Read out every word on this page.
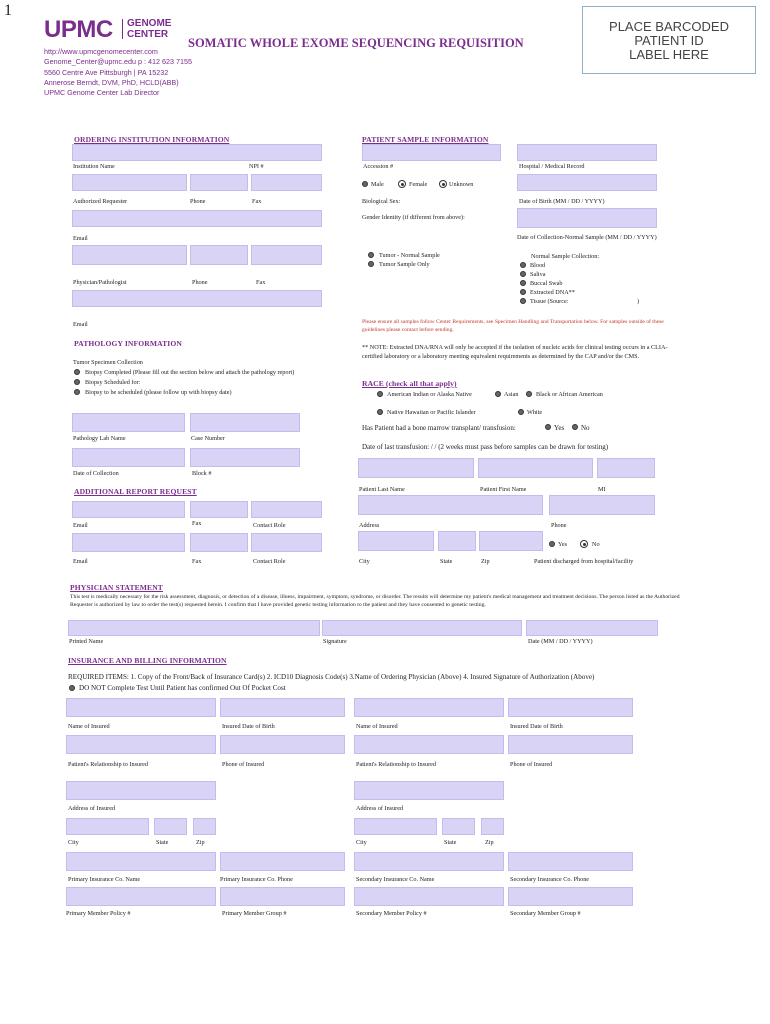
1
UPMC GENOME
CENTER
SOMATIC WHOLE EXOME SEQUENCING REQUISITION
PLACE BARCODED
PATIENT ID
LABEL HERE
http://www.upmcgenomecenter.com
Genome_Center@upmc.edu p : 412 623 7155
5560 Centre Ave Pittsburgh | PA 15232
Annerose Berndt, DVM, PhD, HCLD(ABB)
UPMC Genome Center Lab Director
ORDERING INSTITUTION INFORMATION
Institution Name	NPI #
Authorized Requester	Phone	Fax
Email
Physician/Pathologist	Phone	Fax
Email
PATIENT SAMPLE INFORMATION
Accession #	Hospital / Medical Record
Male	Female	Unknown
Biological Sex:	Date of Birth (MM / DD / YYYY)
Gender Identity (if different from above):
Date of Collection-Normal Sample (MM / DD / YYYY)
Tumor - Normal Sample
Tumor Sample Only
Normal Sample Collection:
Blood
Saliva
Buccal Swab
Extracted DNA**
Tissue (Source:	)
Please ensure all samples follow Center Requirements, see Specimen Handling and Transportation below. For samples outside of these guidelines please contact before sending.
** NOTE: Extracted DNA/RNA will only be accepted if the isolation of nucleic acids for clinical testing occurs in a CLIA-certified laboratory or a laboratory meeting equivalent requirements as determined by the CAP and/or the CMS.
RACE (check all that apply)
American Indian or Alaska Native	Asian	Black or African American
Native Hawaiian or Pacific Islander	White
Has Patient had a bone marrow transplant/ transfusion:	Yes No
Date of last transfusion: / / (2 weeks must pass before samples can be drawn for testing)
PATHOLOGY INFORMATION
Tumor Specimen Collection
Biopsy Completed (Please fill out the section below and attach the pathology report)
Biopsy Scheduled for:
Biopsy to be scheduled (please follow up with biopsy date)
Pathology Lab Name	Case Number
Date of Collection	Block #
ADDITIONAL REPORT REQUEST
Email	Fax	Contact Role
Email	Fax	Contact Role
Patient Last Name	Patient First Name	MI
Address	Phone
Yes	No
City	State	Zip	Patient discharged from hospital/facility
PHYSICIAN STATEMENT
This test is medically necessary for the risk assessment, diagnosis, or detection of a disease, illness, impairment, symptom, syndrome, or disorder. The results will determine my patient's medical management and treatment decisions. The person listed as the Authorized Requester is authorized by law to order the test(s) requested herein. I confirm that I have provided genetic testing information to the patient and they have consented to genetic testing.
Printed Name	Signature	Date (MM / DD / YYYY)
INSURANCE AND BILLING INFORMATION
REQUIRED ITEMS: 1. Copy of the Front/Back of Insurance Card(s) 2. ICD10 Diagnosis Code(s) 3.Name of Ordering Physician (Above) 4. Insured Signature of Authorization (Above)
DO NOT Complete Test Until Patient has confirmed Out Of Pocket Cost
Name of Insured	Insured Date of Birth	Name of Insured	Insured Date of Birth
Patient's Relationship to Insured	Phone of Insured	Patient's Relationship to Insured	Phone of Insured
Address of Insured	Address of Insured
City	State	Zip	City	State	Zip
Primary Insurance Co. Name	Primary Insurance Co. Phone	Secondary Insurance Co. Name	Secondary Insurance Co. Phone
Primary Member Policy #	Primary Member Group #	Secondary Member Policy #	Secondary Member Group #
